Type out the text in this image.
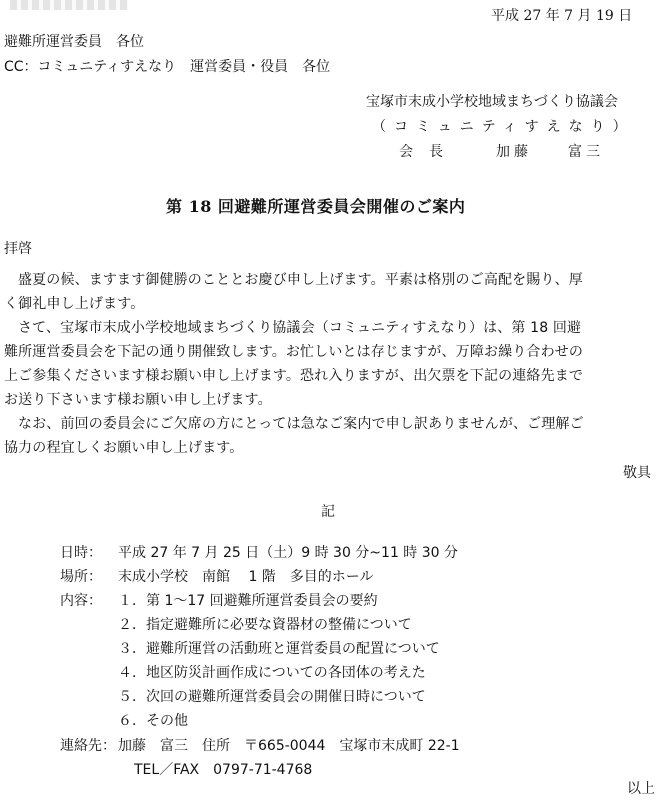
平成 27 年 7 月 19 日
避難所運営委員　各位
CC：コミュニティすえなり　運営委員・役員　各位
宝塚市末成小学校地域まちづくり協議会
（コミュニティすえなり）
会長	加藤　　富三
第 18 回避難所運営委員会開催のご案内
拝啓
盛夏の候、ますます御健勝のこととお慶び申し上げます。平素は格別のご高配を賜り、厚
く御礼申し上げます。
さて、宝塚市末成小学校地域まちづくり協議会（コミュニティすえなり）は、第 18 回避
難所運営委員会を下記の通り開催致します。お忙しいとは存じますが、万障お繰り合わせの
上ご参集くださいます様お願い申し上げます。恐れ入りますが、出欠票を下記の連絡先まで
お送り下さいます様お願い申し上げます。
なお、前回の委員会にご欠席の方にとっては急なご案内で申し訳ありませんが、ご理解ご
協力の程宜しくお願い申し上げます。
敬具
記
日時： 平成 27 年 7 月 25 日（土）9 時 30 分~11 時 30 分
場所： 末成小学校　南館　 1 階　多目的ホール
内容： １．第 1～17 回避難所運営委員会の要約
２．指定避難所に必要な資器材の整備について
３．避難所運営の活動班と運営委員の配置について
４．地区防災計画作成についての各団体の考えた
５．次回の避難所運営委員会の開催日時について
６．その他
連絡先： 加藤　富三　住所　〒665-0044　宝塚市末成町 22-1
TEL／FAX　0797-71-4768
以上
